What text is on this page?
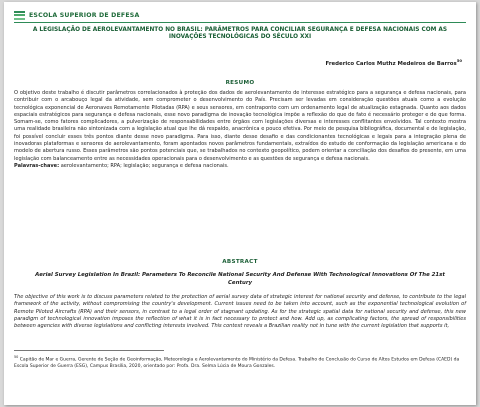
ESCOLA SUPERIOR DE DEFESA
A LEGISLAÇÃO DE AEROLEVANTAMENTO NO BRASIL: PARÂMETROS PARA CONCILIAR SEGURANÇA E DEFESA NACIONAIS COM AS INOVAÇÕES TECNOLÓGICAS DO SÉCULO XXI
Frederico Carlos Muthz Medeiros de Barros$^{50}$
RESUMO
O objetivo deste trabalho é discutir parâmetros correlacionados à proteção dos dados de aerolevantamento de interesse estratégico para a segurança e defesa nacionais, para contribuir com o arcabouço legal da atividade, sem comprometer o desenvolvimento do País. Precisam ser levadas em consideração questões atuais como a evolução tecnológica exponencial de Aeronaves Remotamente Pilotadas (RPA) e seus sensores, em contraponto com um ordenamento legal de atualização estagnada. Quanto aos dados espaciais estratégicos para segurança e defesa nacionais, esse novo paradigma de inovação tecnológica impõe a reflexão do que de fato é necessário proteger e de que forma. Somam-se, como fatores complicadores, a pulverização de responsabilidades entre órgãos com legislações diversas e interesses conflitantes envolvidos. Tal contexto mostra uma realidade brasileira não sintonizada com a legislação atual que lhe dá respaldo, anacrônica e pouco efetiva. Por meio de pesquisa bibliográfica, documental e de legislação, foi possível concluir esses três pontos diante desse novo paradigma. Para isso, diante desse desafio e das condicionantes tecnológicas e legais para a integração plena de inovadoras plataformas e sensores de aerolevantamento, foram apontados novos parâmetros fundamentais, extraídos do estudo de conformação da legislação americana e do modelo de abertura russo. Esses parâmetros são pontos potenciais que, se trabalhados no contexto geopolítico, podem orientar a conciliação dos desafios do presente, em uma legislação com balanceamento entre as necessidades operacionais para o desenvolvimento e as questões de segurança e defesa nacionais.
Palavras-chave: aerolevantamento; RPA; legislação; segurança e defesa nacionais.
ABSTRACT
Aerial Survey Legislation In Brazil: Parameters To Reconcile National Security And Defense With Technological Innovations Of The 21st Century
The objective of this work is to discuss parameters related to the protection of aerial survey data of strategic interest for national security and defense, to contribute to the legal framework of the activity, without compromising the country's development. Current issues need to be taken into account, such as the exponential technological evolution of Remote Piloted Aircrafts (RPA) and their sensors, in contrast to a legal order of stagnant updating. As for the strategic spatial data for national security and defense, this new paradigm of technological innovation imposes the reflection of what it is in fact necessary to protect and how. Add up, as complicating factors, the spread of responsibilities between agencies with diverse legislations and conflicting interests involved. This context reveals a Brazilian reality not in tune with the current legislation that supports it,
$^{50}$ Capitão de Mar e Guerra, Gerente de Seção de Geoinformação, Meteorologia e Aerolevantamento do Ministério da Defesa. Trabalho de Conclusão do Curso de Altos Estudos em Defesa (CAED) da Escola Superior de Guerra (ESG), Campus Brasília, 2020, orientado por: Profa. Dra. Selma Lúcia de Moura Gonzales.
